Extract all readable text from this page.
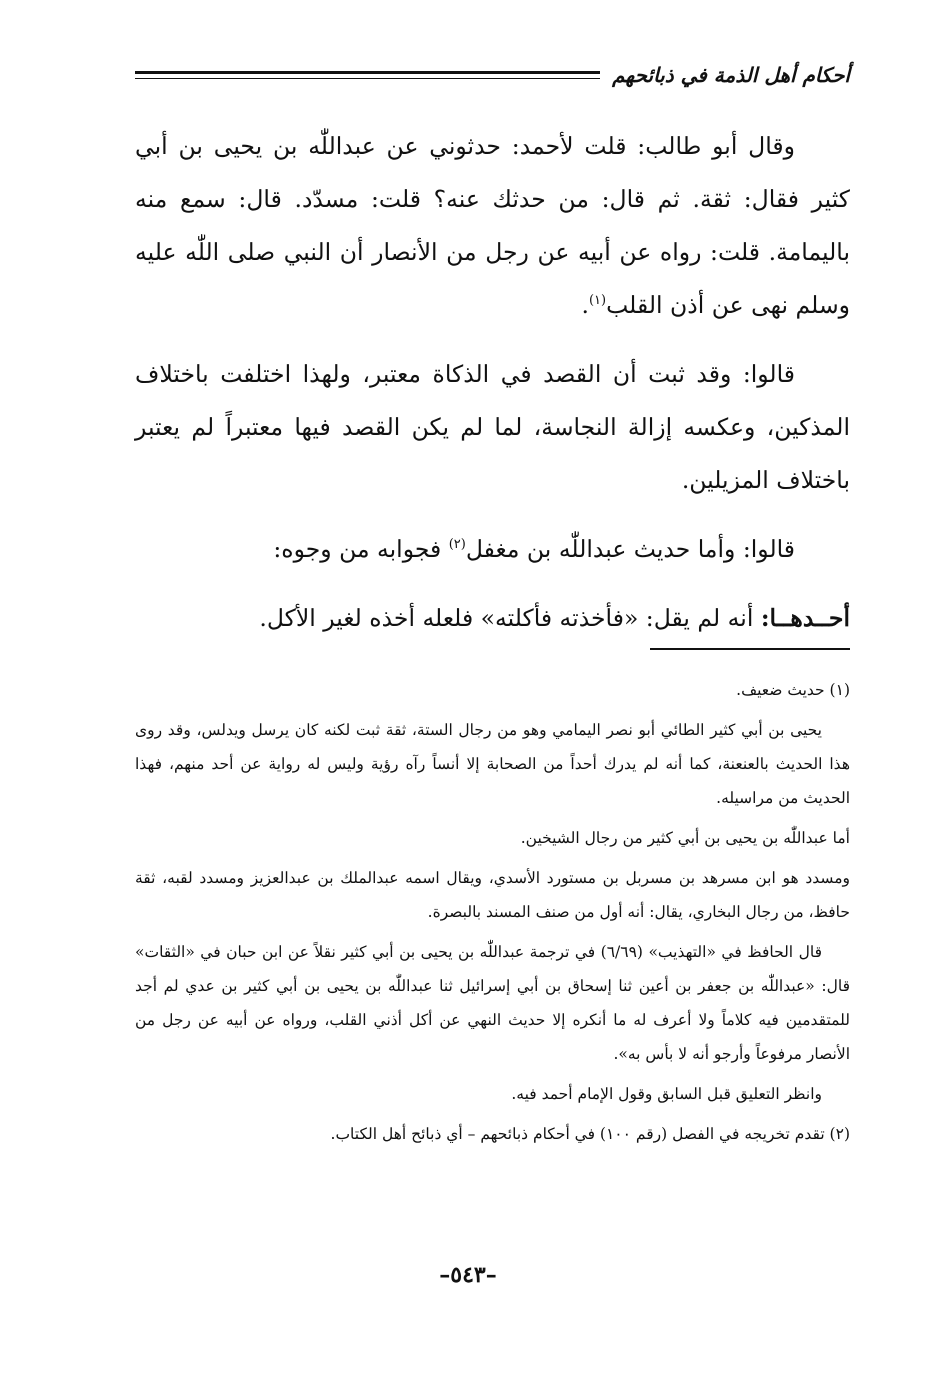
أحكام أهل الذمة في ذبائحهم

وقال أبو طالب: قلت لأحمد: حدثوني عن عبداللّٰه بن يحيى بن أبي كثير فقال: ثقة. ثم قال: من حدثك عنه؟ قلت: مسدّد. قال: سمع منه باليمامة. قلت: رواه عن أبيه عن رجل من الأنصار أن النبي صلى اللّٰه عليه وسلم نهى عن أذن القلب$^{(١)}$.

قالوا: وقد ثبت أن القصد في الذكاة معتبر، ولهذا اختلفت باختلاف المذكين، وعكسه إزالة النجاسة، لما لم يكن القصد فيها معتبراً لم يعتبر باختلاف المزيلين.

قالوا: وأما حديث عبداللّٰه بن مغفل$^{(٢)}$ فجوابه من وجوه:

أحــدهــا: أنه لم يقل: «فأخذته فأكلته» فلعله أخذه لغير الأكل.

(١) حديث ضعيف.

يحيى بن أبي كثير الطائي أبو نصر اليمامي وهو من رجال الستة، ثقة ثبت لكنه كان يرسل ويدلس، وقد روى هذا الحديث بالعنعنة، كما أنه لم يدرك أحداً من الصحابة إلا أنساً رآه رؤية وليس له رواية عن أحد منهم، فهذا الحديث من مراسيله.

أما عبداللّٰه بن يحيى بن أبي كثير من رجال الشيخين.

ومسدد هو ابن مسرهد بن مسربل بن مستورد الأسدي، ويقال اسمه عبدالملك بن عبدالعزيز ومسدد لقبه، ثقة حافظ، من رجال البخاري، يقال: أنه أول من صنف المسند بالبصرة.

قال الحافظ في «التهذيب» (٦/٦٩) في ترجمة عبداللّٰه بن يحيى بن أبي كثير نقلاً عن ابن حبان في «الثقات» قال: «عبداللّٰه بن جعفر بن أعين ثنا إسحاق بن أبي إسرائيل ثنا عبداللّٰه بن يحيى بن أبي كثير بن عدي لم أجد للمتقدمين فيه كلاماً ولا أعرف له ما أنكره إلا حديث النهي عن أكل أذني القلب، ورواه عن أبيه عن رجل من الأنصار مرفوعاً وأرجو أنه لا بأس به».

وانظر التعليق قبل السابق وقول الإمام أحمد فيه.

(٢) تقدم تخريجه في الفصل (رقم ١٠٠) في أحكام ذبائحهم – أي ذبائح أهل الكتاب.

–٥٤٣–
